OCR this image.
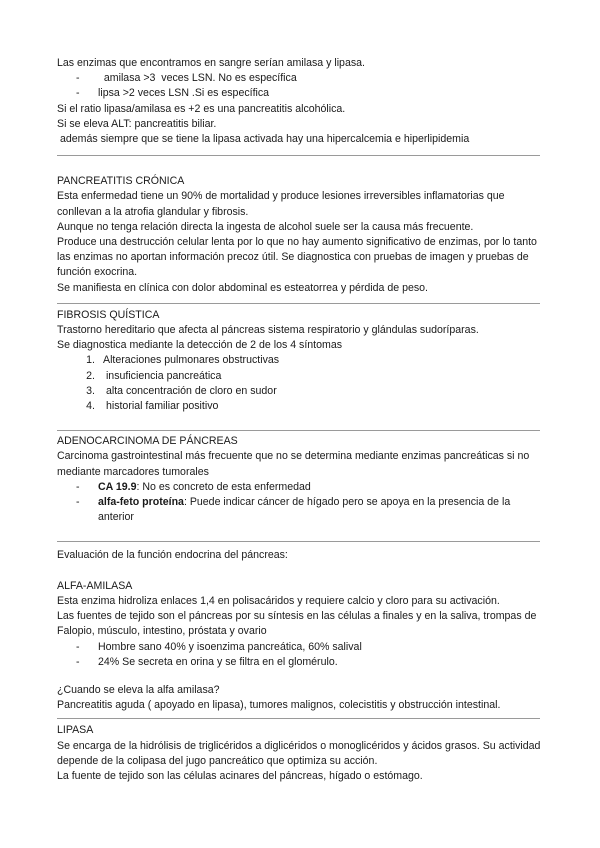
Las enzimas que encontramos en sangre serían amilasa y lipasa.
-	amilasa >3  veces LSN. No es específica
-	lipsa >2 veces LSN .Si es específica
Si el ratio lipasa/amilasa es +2 es una pancreatitis alcohólica.
Si se eleva ALT: pancreatitis biliar.
además siempre que se tiene la lipasa activada hay una hipercalcemia e hiperlipidemia
PANCREATITIS CRÓNICA
Esta enfermedad tiene un 90% de mortalidad y produce lesiones irreversibles inflamatorias que conllevan a la atrofia glandular y fibrosis.
Aunque no tenga relación directa la ingesta de alcohol suele ser la causa más frecuente.
Produce una destrucción celular lenta por lo que no hay aumento significativo de enzimas, por lo tanto las enzimas no aportan información precoz útil. Se diagnostica con pruebas de imagen y pruebas de función exocrina.
Se manifiesta en clínica con dolor abdominal es esteatorrea y pérdida de peso.
FIBROSIS QUÍSTICA
Trastorno hereditario que afecta al páncreas sistema respiratorio y glándulas sudoríparas.
Se diagnostica mediante la detección de 2 de los 4 síntomas
1. Alteraciones pulmonares obstructivas
2. insuficiencia pancreática
3. alta concentración de cloro en sudor
4. historial familiar positivo
ADENOCARCINOMA DE PÁNCREAS
Carcinoma gastrointestinal más frecuente que no se determina mediante enzimas pancreáticas si no mediante marcadores tumorales
-	CA 19.9: No es concreto de esta enfermedad
-	alfa-feto proteína: Puede indicar cáncer de hígado pero se apoya en la presencia de la anterior
Evaluación de la función endocrina del páncreas:
ALFA-AMILASA
Esta enzima hidroliza enlaces 1,4 en polisacáridos y requiere calcio y cloro para su activación.
Las fuentes de tejido son el páncreas por su síntesis en las células a finales y en la saliva, trompas de Falopio, músculo, intestino, próstata y ovario
-	Hombre sano 40% y isoenzima pancreática, 60% salival
-	24% Se secreta en orina y se filtra en el glomérulo.
¿Cuando se eleva la alfa amilasa?
Pancreatitis aguda ( apoyado en lipasa), tumores malignos, colecistitis y obstrucción intestinal.
LIPASA
Se encarga de la hidrólisis de triglicéridos a diglicéridos o monoglicéridos y ácidos grasos. Su actividad depende de la colipasa del jugo pancreático que optimiza su acción.
La fuente de tejido son las células acinares del páncreas, hígado o estómago.
